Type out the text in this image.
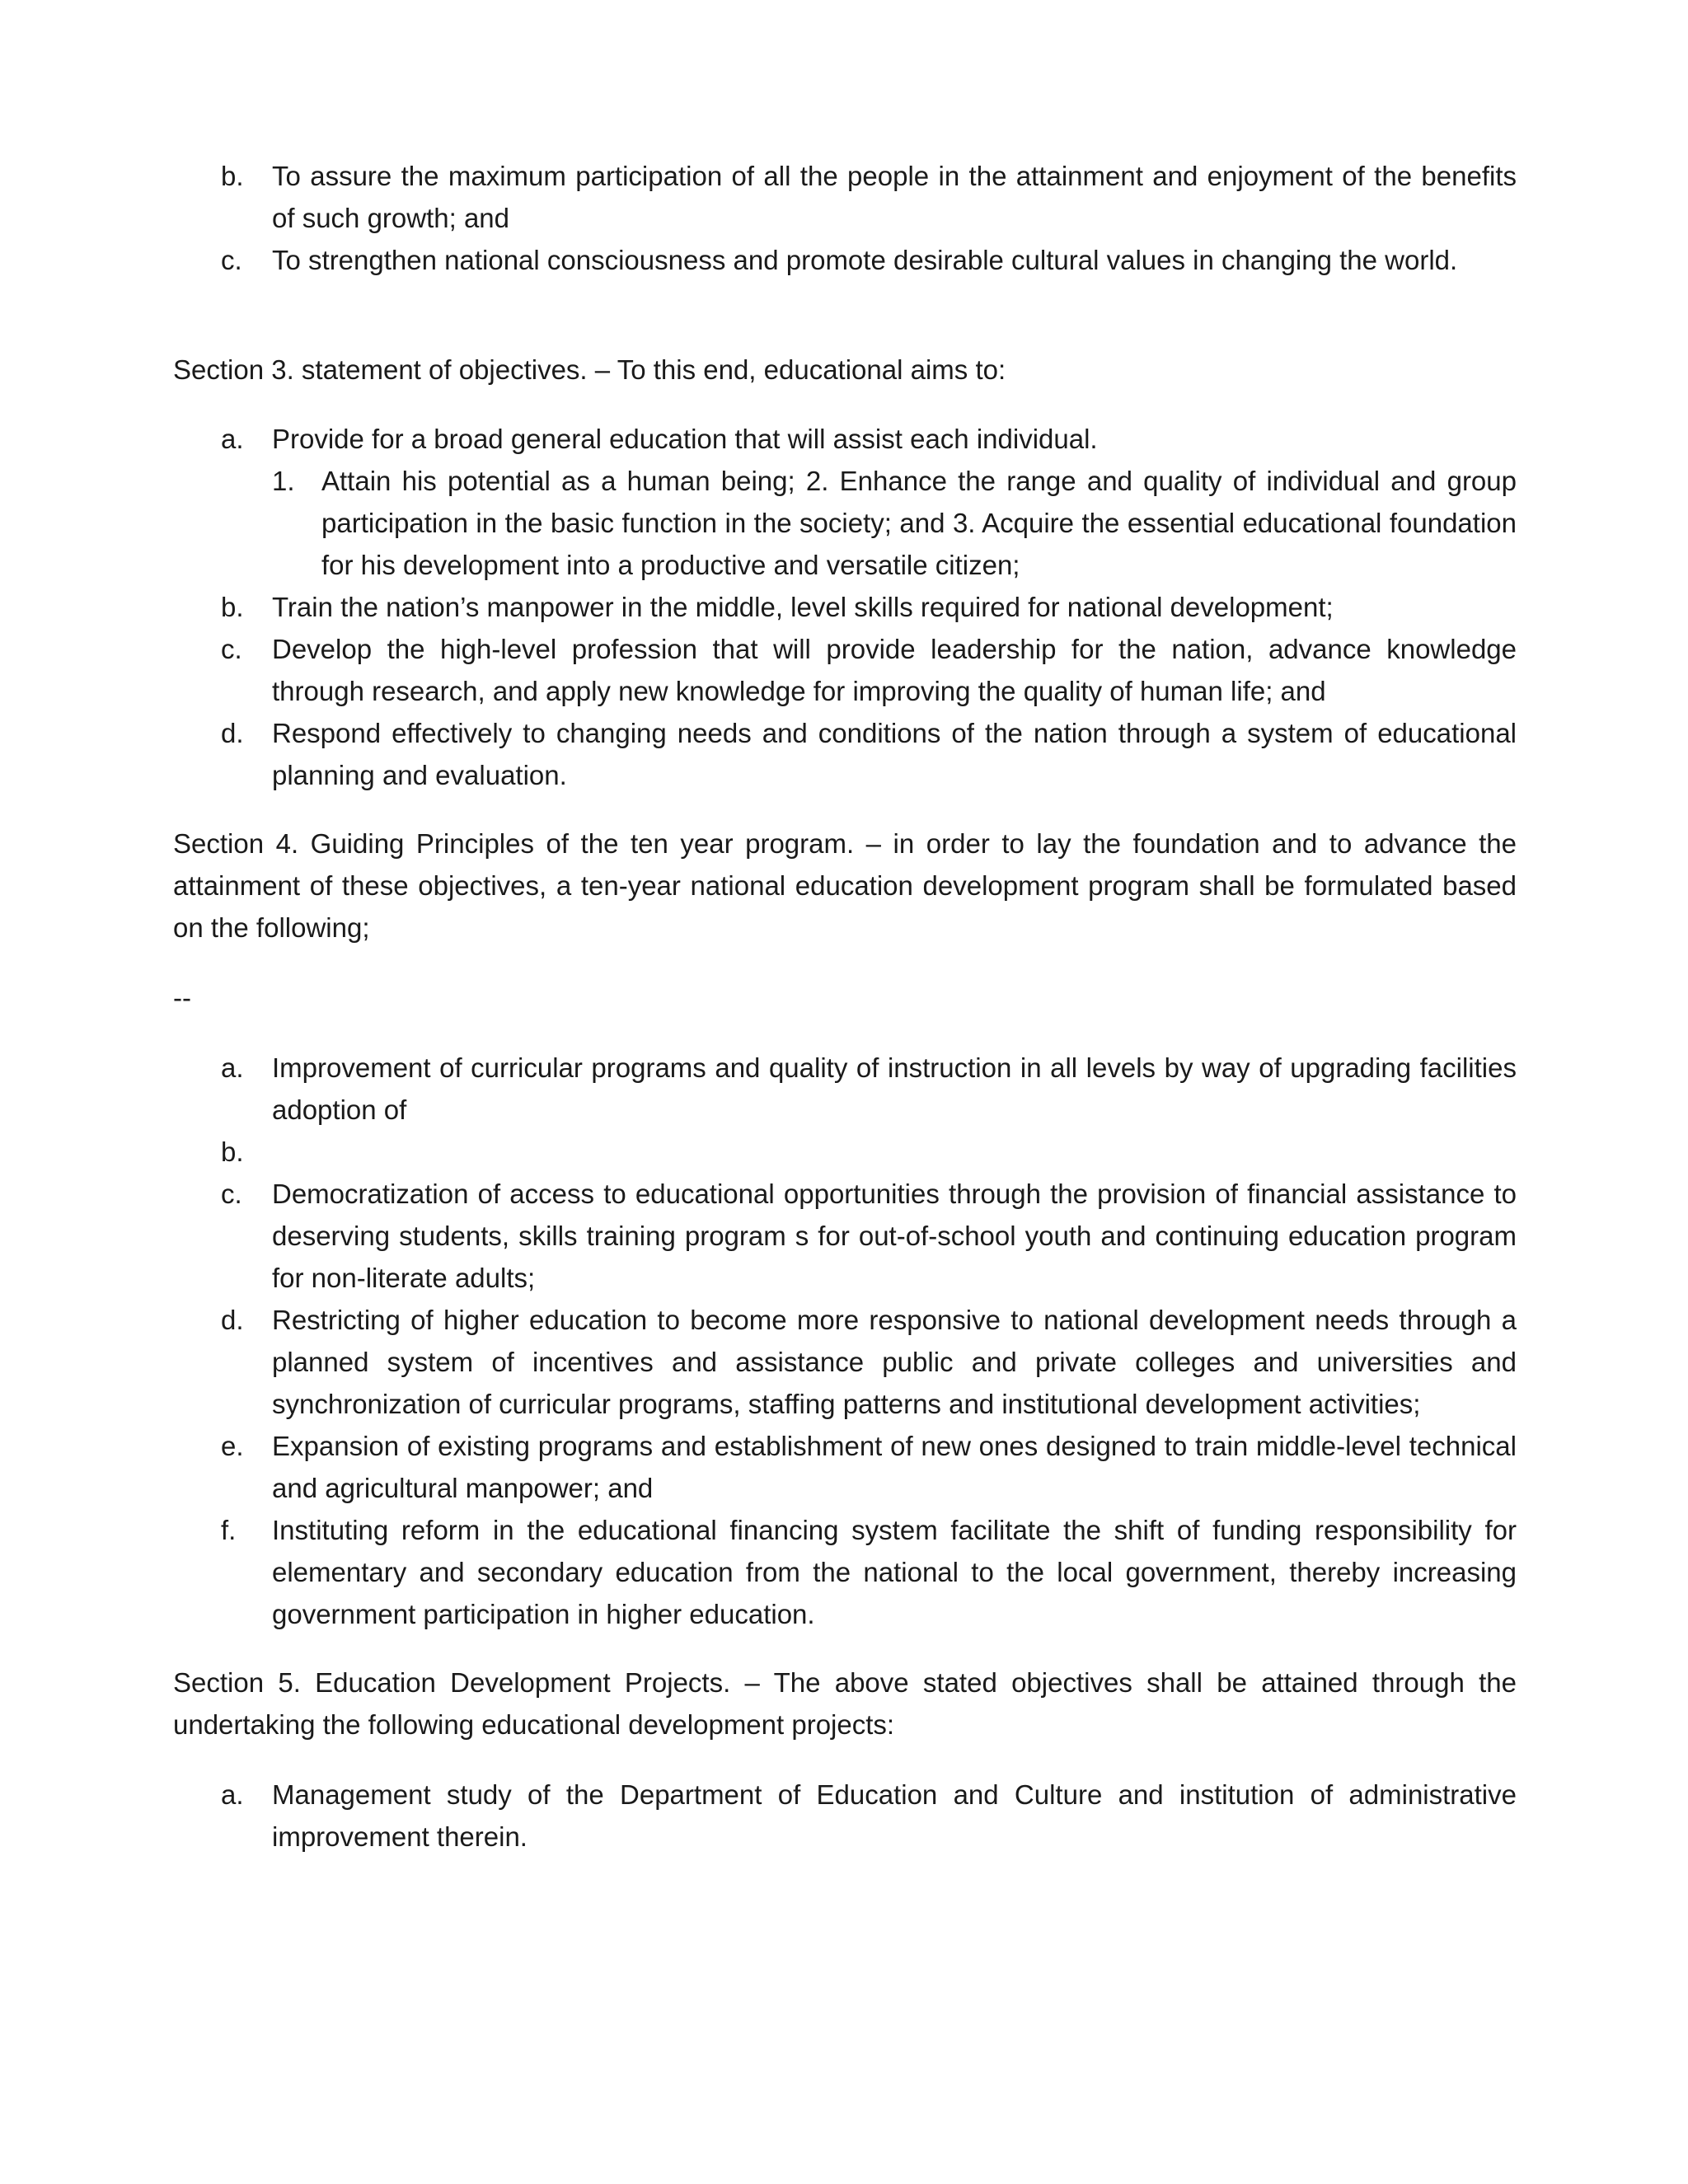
b. To assure the maximum participation of all the people in the attainment and enjoyment of the benefits of such growth; and
c. To strengthen national consciousness and promote desirable cultural values in changing the world.

Section 3. statement of objectives. – To this end, educational aims to:

a. Provide for a broad general education that will assist each individual.
1. Attain his potential as a human being; 2. Enhance the range and quality of individual and group participation in the basic function in the society; and 3. Acquire the essential educational foundation for his development into a productive and versatile citizen;
b. Train the nation’s manpower in the middle, level skills required for national development;
c. Develop the high-level profession that will provide leadership for the nation, advance knowledge through research, and apply new knowledge for improving the quality of human life; and
d. Respond effectively to changing needs and conditions of the nation through a system of educational planning and evaluation.

Section 4. Guiding Principles of the ten year program. – in order to lay the foundation and to advance the attainment of these objectives, a ten-year national education development program shall be formulated based on the following;

--

a. Improvement of curricular programs and quality of instruction in all levels by way of upgrading facilities adoption of
b.
c. Democratization of access to educational opportunities through the provision of financial assistance to deserving students, skills training program s for out-of-school youth and continuing education program for non-literate adults;
d. Restricting of higher education to become more responsive to national development needs through a planned system of incentives and assistance public and private colleges and universities and synchronization of curricular programs, staffing patterns and institutional development activities;
e. Expansion of existing programs and establishment of new ones designed to train middle-level technical and agricultural manpower; and
f. Instituting reform in the educational financing system facilitate the shift of funding responsibility for elementary and secondary education from the national to the local government, thereby increasing government participation in higher education.

Section 5. Education Development Projects. – The above stated objectives shall be attained through the undertaking the following educational development projects:

a. Management study of the Department of Education and Culture and institution of administrative improvement therein.
